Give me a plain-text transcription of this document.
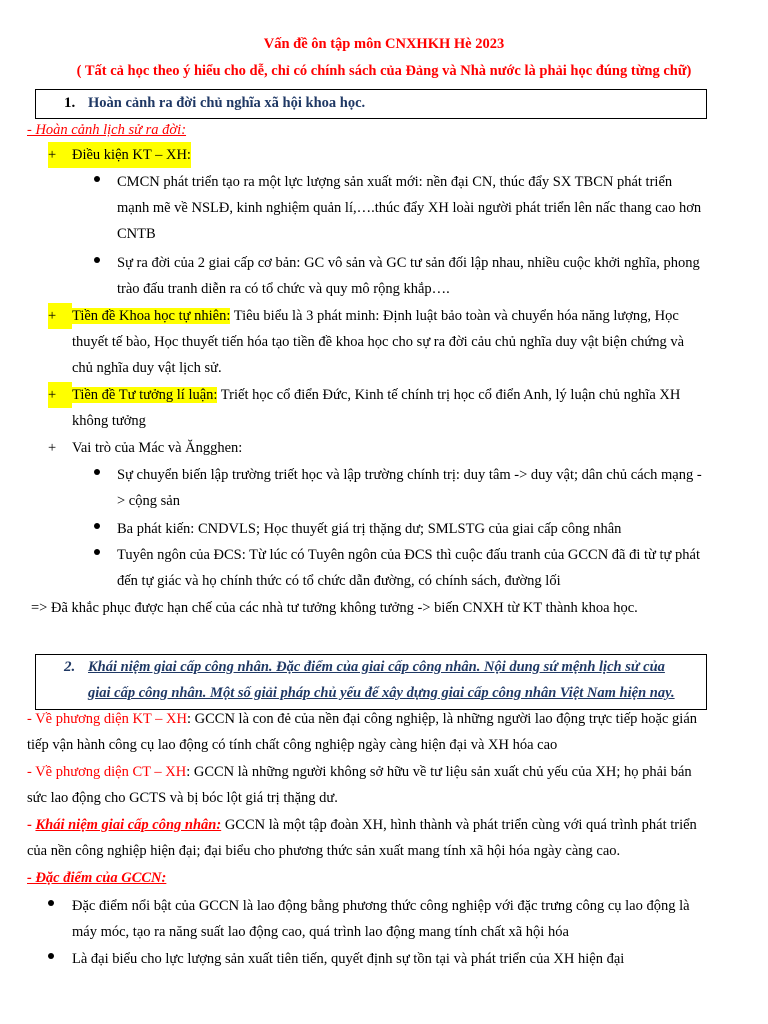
Vấn đề ôn tập môn CNXHKH Hè 2023
( Tất cả học theo ý hiểu cho dễ, chỉ có chính sách của Đảng và Nhà nước là phải học đúng từng chữ)
1. Hoàn cảnh ra đời chủ nghĩa xã hội khoa học.
- Hoàn cảnh lịch sử ra đời:
+
Điều kiện KT – XH:
CMCN phát triển tạo ra một lực lượng sản xuất mới: nền đại CN, thúc đẩy SX TBCN phát triển
mạnh mẽ về NSLĐ, kinh nghiệm quản lí,….thúc đẩy XH loài người phát triển lên nấc thang cao hơn
CNTB
Sự ra đời của 2 giai cấp cơ bản: GC vô sản và GC tư sản đối lập nhau, nhiều cuộc khởi nghĩa, phong
trào đấu tranh diễn ra có tổ chức và quy mô rộng khắp….
+	Tiền đề Khoa học tự nhiên: Tiêu biểu là 3 phát minh: Định luật bảo toàn và chuyển hóa năng lượng, Học
thuyết tế bào, Học thuyết tiến hóa tạo tiền đề khoa học cho sự ra đời cảu chủ nghĩa duy vật biện chứng và
chủ nghĩa duy vật lịch sử.
+	Tiền đề Tư tưởng lí luận: Triết học cổ điển Đức, Kinh tế chính trị học cổ điển Anh, lý luận chủ nghĩa XH
không tưởng
+ Vai trò của Mác và Ăngghen:
Sự chuyển biến lập trường triết học và lập trường chính trị: duy tâm -> duy vật; dân chủ cách mạng -
> cộng sản
Ba phát kiến: CNDVLS; Học thuyết giá trị thặng dư; SMLSTG của giai cấp công nhân
Tuyên ngôn của ĐCS: Từ lúc có Tuyên ngôn của ĐCS thì cuộc đấu tranh của GCCN đã đi từ tự phát
đến tự giác và họ chính thức có tổ chức dẫn đường, có chính sách, đường lối
=> Đã khắc phục được hạn chế của các nhà tư tưởng không tưởng -> biến CNXH từ KT thành khoa học.
2. Khái niệm giai cấp công nhân. Đặc điểm của giai cấp công nhân. Nội dung sứ mệnh lịch sử của
giai cấp công nhân. Một số giải pháp chủ yếu để xây dựng giai cấp công nhân Việt Nam hiện nay.
- Về phương diện KT – XH: GCCN là con đẻ của nền đại công nghiệp, là những người lao động trực tiếp hoặc gián
tiếp vận hành công cụ lao động có tính chất công nghiệp ngày càng hiện đại và XH hóa cao
- Về phương diện CT – XH: GCCN là những người không sở hữu về tư liệu sản xuất chủ yếu của XH; họ phải bán
sức lao động cho GCTS và bị bóc lột giá trị thặng dư.
- Khái niệm giai cấp công nhân: GCCN là một tập đoàn XH, hình thành và phát triển cùng với quá trình phát triển
của nền công nghiệp hiện đại; đại biểu cho phương thức sản xuất mang tính xã hội hóa ngày càng cao.
- Đặc điểm của GCCN:
Đặc điểm nổi bật của GCCN là lao động bằng phương thức công nghiệp với đặc trưng công cụ lao động là
máy móc, tạo ra năng suất lao động cao, quá trình lao động mang tính chất xã hội hóa
Là đại biểu cho lực lượng sản xuất tiên tiến, quyết định sự tồn tại và phát triển của XH hiện đại
